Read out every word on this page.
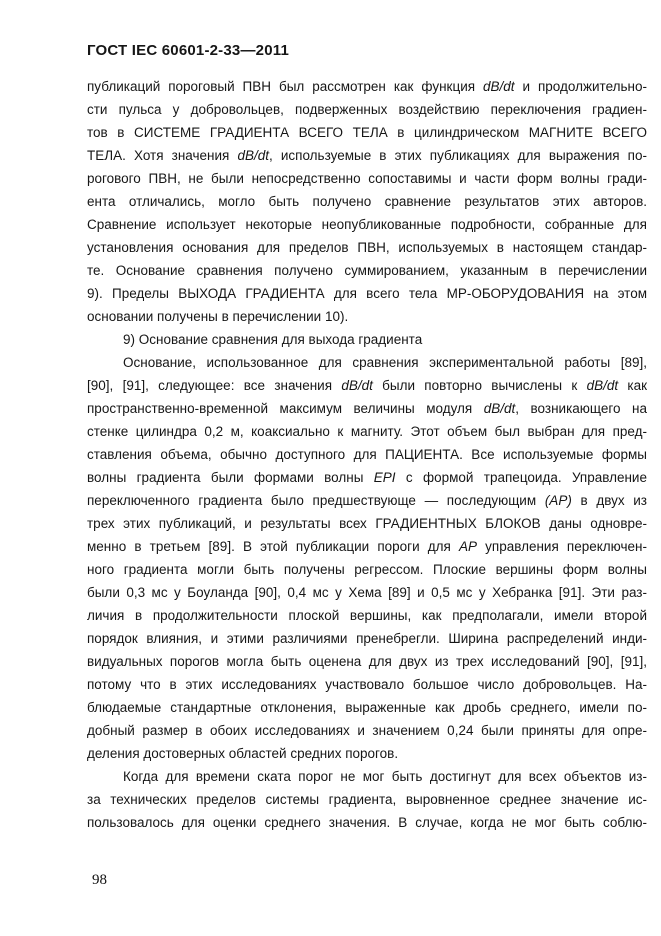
ГОСТ IEC 60601-2-33—2011
публикаций пороговый ПВН был рассмотрен как функция dB/dt и продолжительно-
сти пульса у добровольцев, подверженных воздействию переключения градиен-
тов в СИСТЕМЕ ГРАДИЕНТА ВСЕГО ТЕЛА в цилиндрическом МАГНИТЕ ВСЕГО
ТЕЛА. Хотя значения dB/dt, используемые в этих публикациях для выражения по-
рогового ПВН, не были непосредственно сопоставимы и части форм волны гради-
ента отличались, могло быть получено сравнение результатов этих авторов.
Сравнение использует некоторые неопубликованные подробности, собранные для
установления основания для пределов ПВН, используемых в настоящем стандар-
те. Основание сравнения получено суммированием, указанным в перечислении
9). Пределы ВЫХОДА ГРАДИЕНТА для всего тела МР-ОБОРУДОВАНИЯ на этом
основании получены в перечислении 10).
9) Основание сравнения для выхода градиента
Основание, использованное для сравнения экспериментальной работы [89],
[90], [91], следующее: все значения dB/dt были повторно вычислены к dB/dt как
пространственно-временной максимум величины модуля dB/dt, возникающего на
стенке цилиндра 0,2 м, коаксиально к магниту. Этот объем был выбран для пред-
ставления объема, обычно доступного для ПАЦИЕНТА. Все используемые формы
волны градиента были формами волны EPI с формой трапецоида. Управление
переключенного градиента было предшествующе — последующим (AP) в двух из
трех этих публикаций, и результаты всех ГРАДИЕНТНЫХ БЛОКОВ даны одновре-
менно в третьем [89]. В этой публикации пороги для AP управления переключен-
ного градиента могли быть получены регрессом. Плоские вершины форм волны
были 0,3 мс у Боуланда [90], 0,4 мс у Хема [89] и 0,5 мс у Хебранка [91]. Эти раз-
личия в продолжительности плоской вершины, как предполагали, имели второй
порядок влияния, и этими различиями пренебрегли. Ширина распределений инди-
видуальных порогов могла быть оценена для двух из трех исследований [90], [91],
потому что в этих исследованиях участвовало большое число добровольцев. На-
блюдаемые стандартные отклонения, выраженные как дробь среднего, имели по-
добный размер в обоих исследованиях и значением 0,24 были приняты для опре-
деления достоверных областей средних порогов.
Когда для времени ската порог не мог быть достигнут для всех объектов из-
за технических пределов системы градиента, выровненное среднее значение ис-
пользовалось для оценки среднего значения. В случае, когда не мог быть соблю-
98
